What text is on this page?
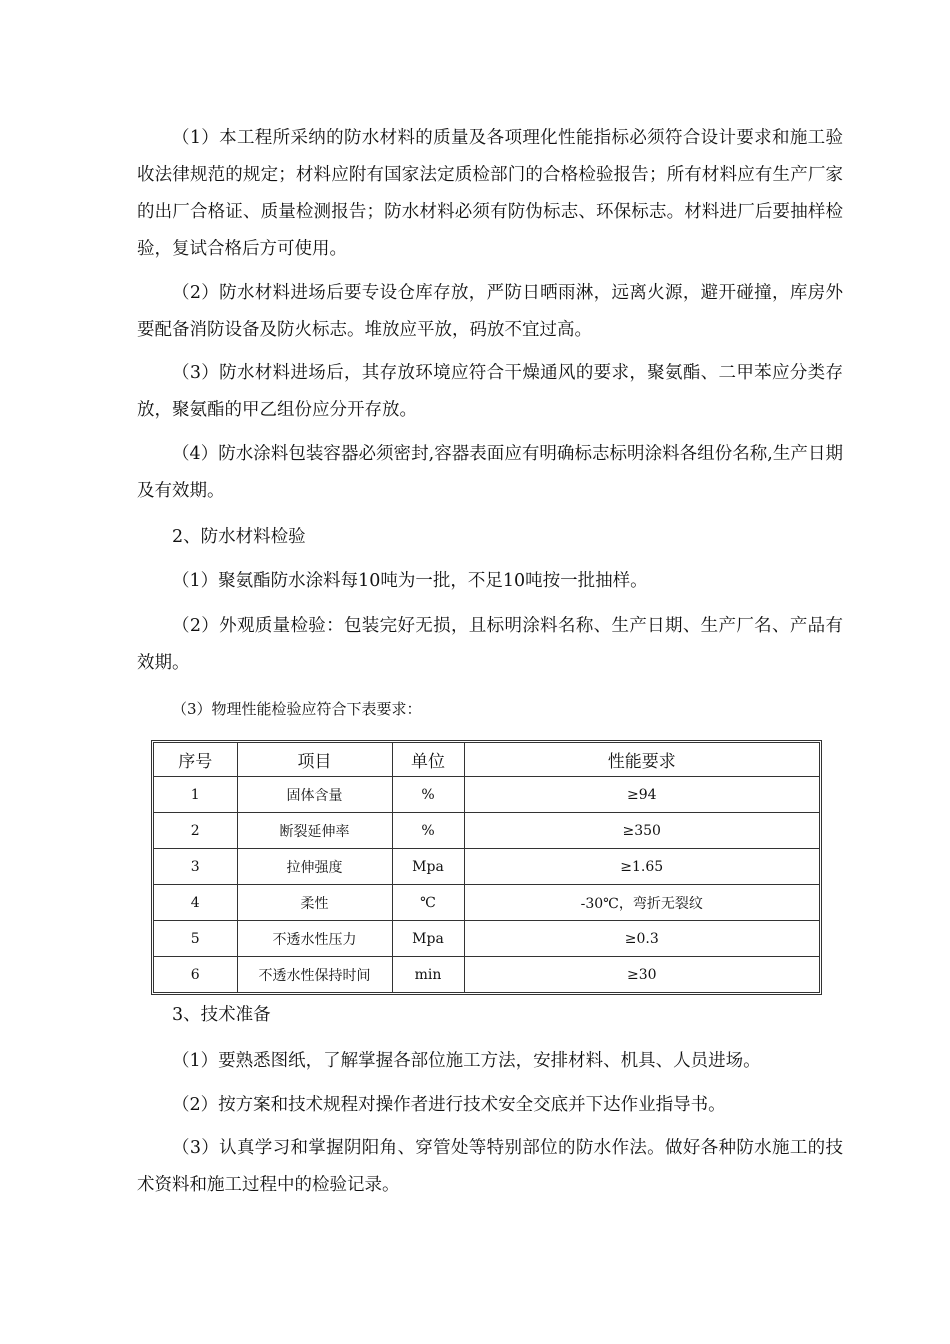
（1）本工程所采纳的防水材料的质量及各项理化性能指标必须符合设计要求和施工验收法律规范的规定；材料应附有国家法定质检部门的合格检验报告；所有材料应有生产厂家的出厂合格证、质量检测报告；防水材料必须有防伪标志、环保标志。材料进厂后要抽样检验，复试合格后方可使用。

（2）防水材料进场后要专设仓库存放，严防日晒雨淋，远离火源，避开碰撞，库房外要配备消防设备及防火标志。堆放应平放，码放不宜过高。

（3）防水材料进场后，其存放环境应符合干燥通风的要求，聚氨酯、二甲苯应分类存放，聚氨酯的甲乙组份应分开存放。

（4）防水涂料包装容器必须密封,容器表面应有明确标志标明涂料各组份名称,生产日期及有效期。

2、防水材料检验

（1）聚氨酯防水涂料每10吨为一批，不足10吨按一批抽样。

（2）外观质量检验：包装完好无损，且标明涂料名称、生产日期、生产厂名、产品有效期。

（3）物理性能检验应符合下表要求：

序号	项目	单位	性能要求
1	固体含量	%	≥94
2	断裂延伸率	%	≥350
3	拉伸强度	Mpa	≥1.65
4	柔性	℃	-30℃，弯折无裂纹
5	不透水性压力	Mpa	≥0.3
6	不透水性保持时间	min	≥30

3、技术准备

（1）要熟悉图纸，了解掌握各部位施工方法，安排材料、机具、人员进场。

（2）按方案和技术规程对操作者进行技术安全交底并下达作业指导书。

（3）认真学习和掌握阴阳角、穿管处等特别部位的防水作法。做好各种防水施工的技术资料和施工过程中的检验记录。
